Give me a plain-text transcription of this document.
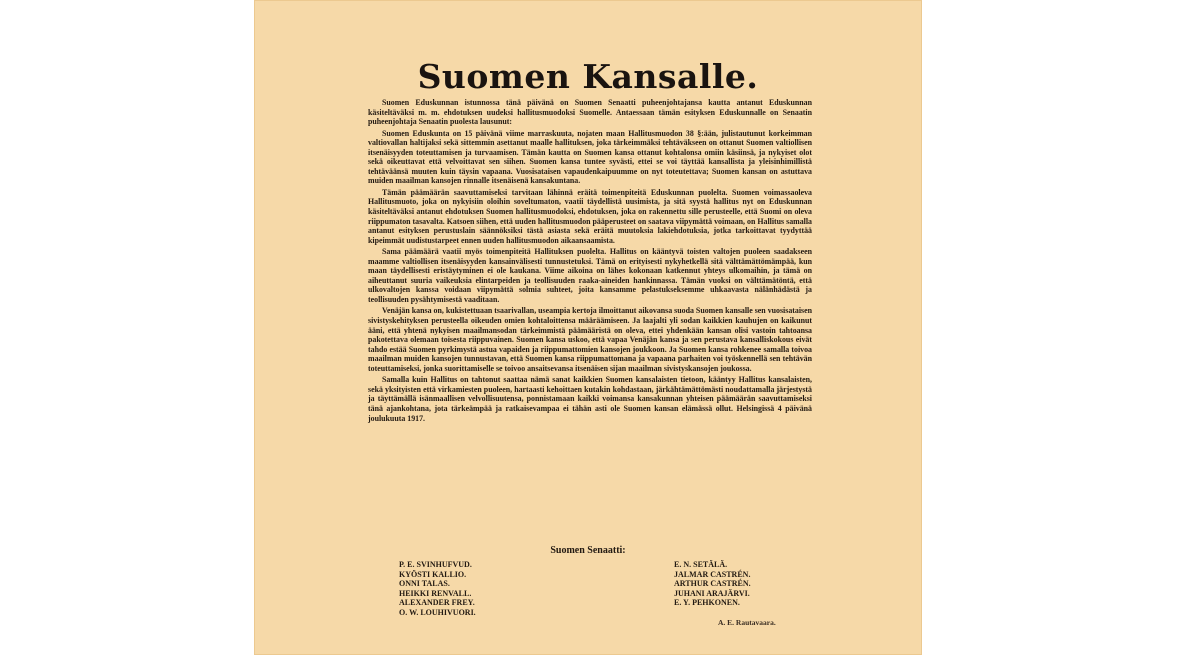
Suomen Kansalle.

Suomen Eduskunnan istunnossa tänä päivänä on Suomen Senaatti puheenjohtajansa kautta antanut Eduskunnan käsiteltäväksi m. m. ehdotuksen uudeksi hallitusmuodoksi Suomelle. Antaessaan tämän esityksen Eduskunnalle on Senaatin puheenjohtaja Senaatin puolesta lausunut:

Suomen Eduskunta on 15 päivänä viime marraskuuta, nojaten maan Hallitusmuodon 38 §:ään, julistautunut korkeimman valtiovallan haltijaksi sekä sittemmin asettanut maalle hallituksen, joka tärkeimmäksi tehtäväkseen on ottanut Suomen valtiollisen itsenäisyyden toteuttamisen ja turvaamisen. Tämän kautta on Suomen kansa ottanut kohtalonsa omiin käsiinsä, ja nykyiset olot sekä oikeuttavat että velvoittavat sen siihen. Suomen kansa tuntee syvästi, ettei se voi täyttää kansallista ja yleisinhimillistä tehtäväänsä muuten kuin täysin vapaana. Vuosisataisen vapaudenkaipuumme on nyt toteutettava; Suomen kansan on astuttava muiden maailman kansojen rinnalle itsenäisenä kansakuntana.

Tämän päämäärän saavuttamiseksi tarvitaan lähinnä eräitä toimenpiteitä Eduskunnan puolelta. Suomen voimassaoleva Hallitusmuoto, joka on nykyisiin oloihin soveltumaton, vaatii täydellistä uusimista, ja sitä syystä hallitus nyt on Eduskunnan käsiteltäväksi antanut ehdotuksen Suomen hallitusmuodoksi, ehdotuksen, joka on rakennettu sille perusteelle, että Suomi on oleva riippumaton tasavalta. Katsoen siihen, että uuden hallitusmuodon pääperusteet on saatava viipymättä voimaan, on Hallitus samalla antanut esityksen perustuslain säännöksiksi tästä asiasta sekä eräitä muutoksia lakiehdotuksia, jotka tarkoittavat tyydyttää kipeimmät uudistustarpeet ennen uuden hallitusmuodon aikaansaamista.

Sama päämäärä vaatii myös toimenpiteitä Hallituksen puolelta. Hallitus on kääntyvä toisten valtojen puoleen saadakseen maamme valtiollisen itsenäisyyden kansainvälisesti tunnustetuksi. Tämä on erityisesti nykyhetkellä sitä välttämättömämpää, kun maan täydellisesti eristäytyminen ei ole kaukana. Viime aikoina on lähes kokonaan katkennut yhteys ulkomaihin, ja tämä on aiheuttanut suuria vaikeuksia elintarpeiden ja teollisuuden raaka-aineiden hankinnassa. Tämän vuoksi on välttämätöntä, että ulkovaltojen kanssa voidaan viipymättä solmia suhteet, joita kansamme pelastukseksemme uhkaavasta nälänhädästä ja teollisuuden pysähtymisestä vaaditaan.

Venäjän kansa on, kukistettuaan tsaarivallan, useampia kertoja ilmoittanut aikovansa suoda Suomen kansalle sen vuosisataisen sivistyskehityksen perusteella oikeuden omien kohtaloittensa määräämiseen. Ja laajalti yli sodan kaikkien kauhujen on kaikunut ääni, että yhtenä nykyisen maailmansodan tärkeimmistä päämääristä on oleva, ettei yhdenkään kansan olisi vastoin tahtoansa pakotettava olemaan toisesta riippuvainen. Suomen kansa uskoo, että vapaa Venäjän kansa ja sen perustava kansalliskokous eivät tahdo estää Suomen pyrkimystä astua vapaiden ja riippumattomien kansojen joukkoon. Ja Suomen kansa rohkenee samalla toivoa maailman muiden kansojen tunnustavan, että Suomen kansa riippumattomana ja vapaana parhaiten voi työskennellä sen tehtävän toteuttamiseksi, jonka suorittamiselle se toivoo ansaitsevansa itsenäisen sijan maailman sivistyskansojen joukossa.

Samalla kuin Hallitus on tahtonut saattaa nämä sanat kaikkien Suomen kansalaisten tietoon, kääntyy Hallitus kansalaisten, sekä yksityisten että virkamiesten puoleen, hartaasti kehoittaen kutakin kohdastaan, järkähtämättömästi noudattamalla järjestystä ja täyttämällä isänmaallisen velvollisuutensa, ponnistamaan kaikki voimansa kansakunnan yhteisen päämäärän saavuttamiseksi tänä ajankohtana, jota tärkeämpää ja ratkaisevampaa ei tähän asti ole Suomen kansan elämässä ollut. Helsingissä 4 päivänä joulukuuta 1917.

Suomen Senaatti:
P. E. SVINHUFVUD.
KYÖSTI KALLIO.
ONNI TALAS.
HEIKKI RENVALL.
ALEXANDER FREY.
O. W. LOUHIVUORI.
E. N. SETÄLÄ.
JALMAR CASTRÉN.
ARTHUR CASTRÉN.
JUHANI ARAJÄRVI.
E. Y. PEHKONEN.
A. E. Rautavaara.
